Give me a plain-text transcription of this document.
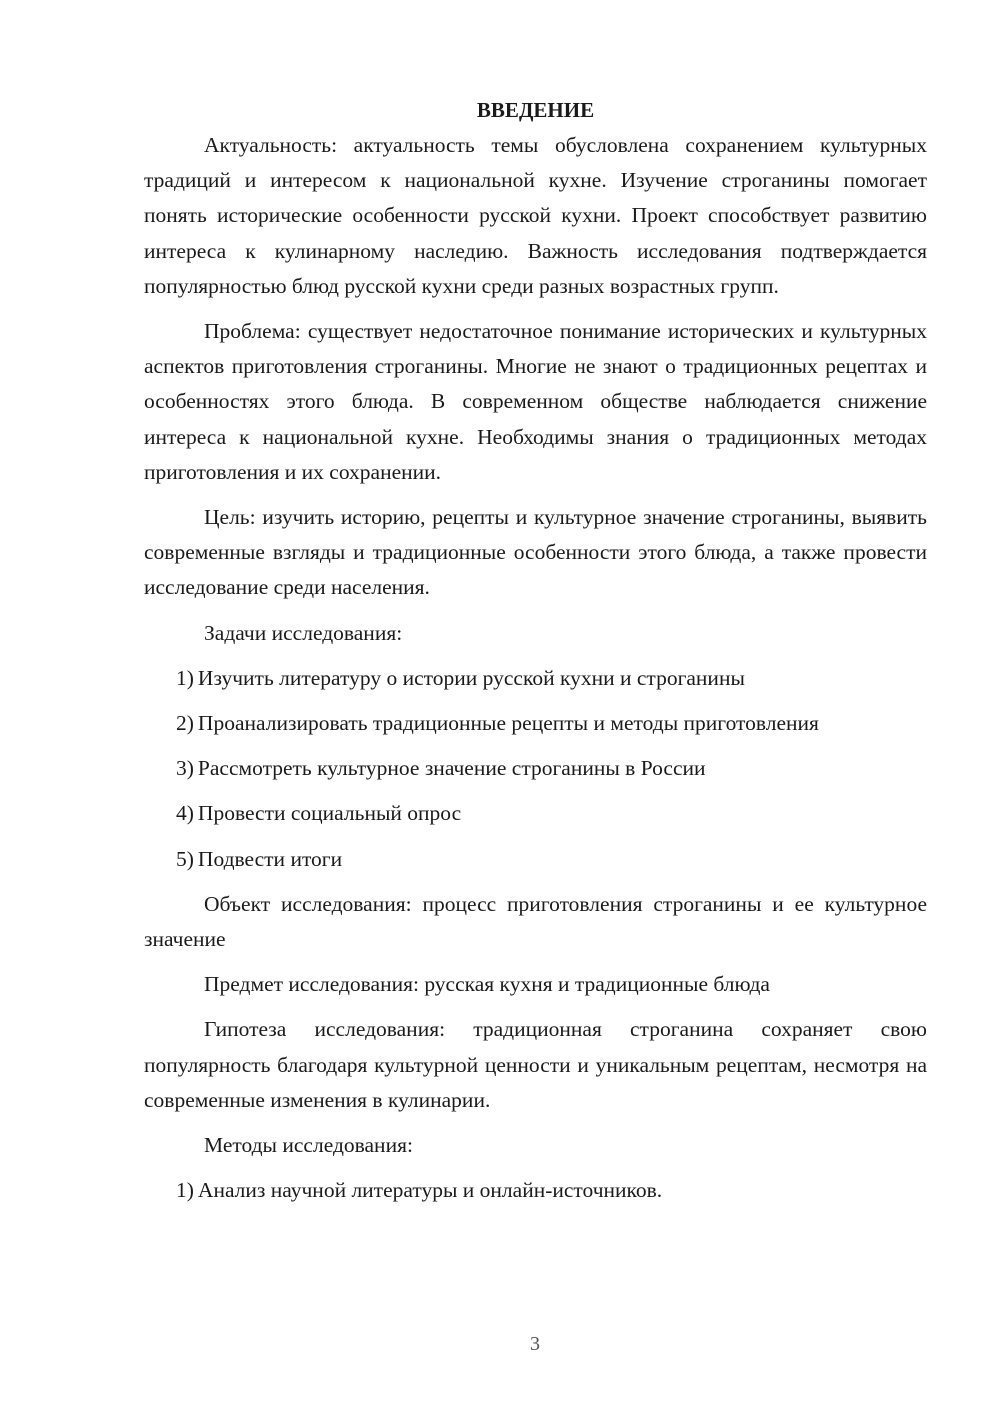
ВВЕДЕНИЕ

Актуальность: актуальность темы обусловлена сохранением культурных традиций и интересом к национальной кухне. Изучение строганины помогает понять исторические особенности русской кухни. Проект способствует развитию интереса к кулинарному наследию. Важность исследования подтверждается популярностью блюд русской кухни среди разных возрастных групп.

Проблема: существует недостаточное понимание исторических и культурных аспектов приготовления строганины. Многие не знают о традиционных рецептах и особенностях этого блюда. В современном обществе наблюдается снижение интереса к национальной кухне. Необходимы знания о традиционных методах приготовления и их сохранении.

Цель: изучить историю, рецепты и культурное значение строганины, выявить современные взгляды и традиционные особенности этого блюда, а также провести исследование среди населения.

Задачи исследования:

1) Изучить литературу о истории русской кухни и строганины

2) Проанализировать традиционные рецепты и методы приготовления

3) Рассмотреть культурное значение строганины в России

4) Провести социальный опрос

5) Подвести итоги

Объект исследования: процесс приготовления строганины и ее культурное значение

Предмет исследования: русская кухня и традиционные блюда

Гипотеза исследования: традиционная строганина сохраняет свою популярность благодаря культурной ценности и уникальным рецептам, несмотря на современные изменения в кулинарии.

Методы исследования:

1) Анализ научной литературы и онлайн-источников.

3
